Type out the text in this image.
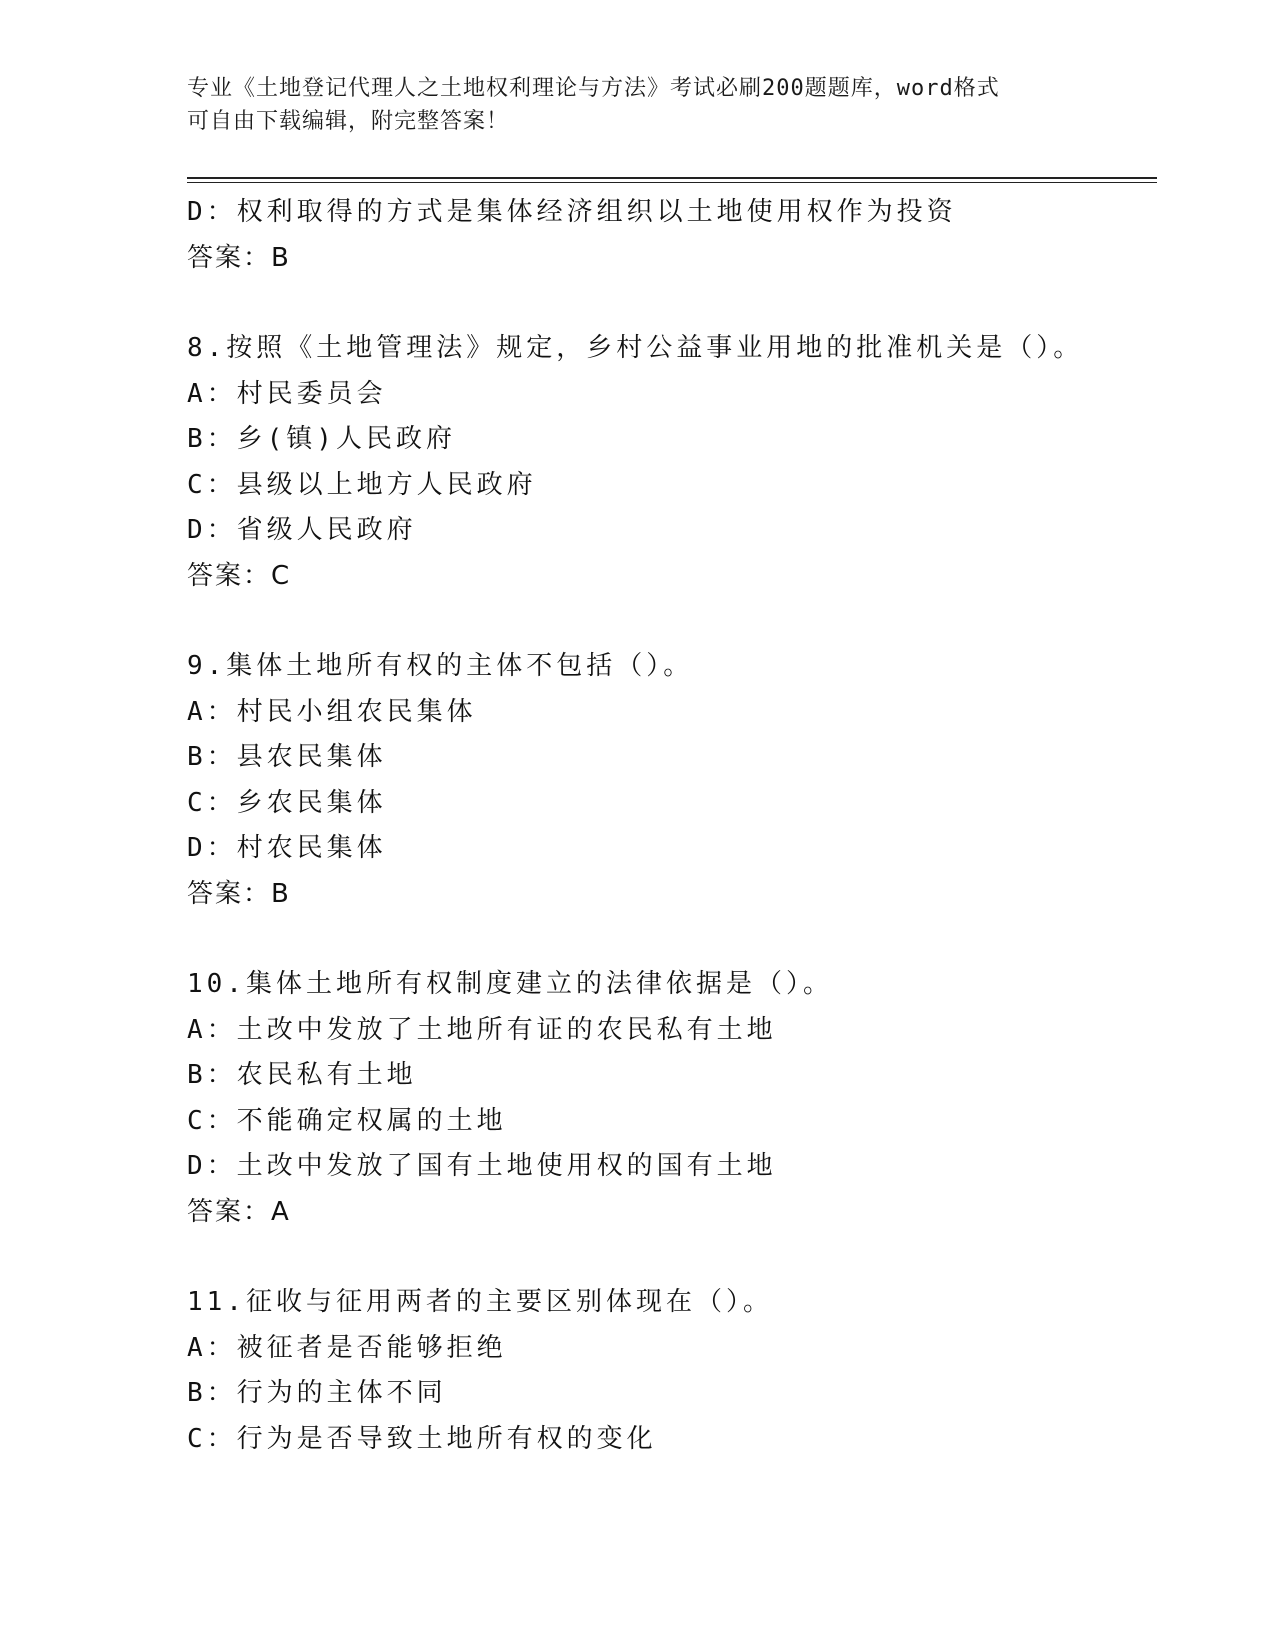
专业《土地登记代理人之土地权利理论与方法》考试必刷200题题库，word格式
可自由下载编辑，附完整答案！
D：权利取得的方式是集体经济组织以土地使用权作为投资
答案：B
8.按照《土地管理法》规定，乡村公益事业用地的批准机关是（）。
A：村民委员会
B：乡(镇)人民政府
C：县级以上地方人民政府
D：省级人民政府
答案：C
9.集体土地所有权的主体不包括（）。
A：村民小组农民集体
B：县农民集体
C：乡农民集体
D：村农民集体
答案：B
10.集体土地所有权制度建立的法律依据是（）。
A：土改中发放了土地所有证的农民私有土地
B：农民私有土地
C：不能确定权属的土地
D：土改中发放了国有土地使用权的国有土地
答案：A
11.征收与征用两者的主要区别体现在（）。
A：被征者是否能够拒绝
B：行为的主体不同
C：行为是否导致土地所有权的变化
